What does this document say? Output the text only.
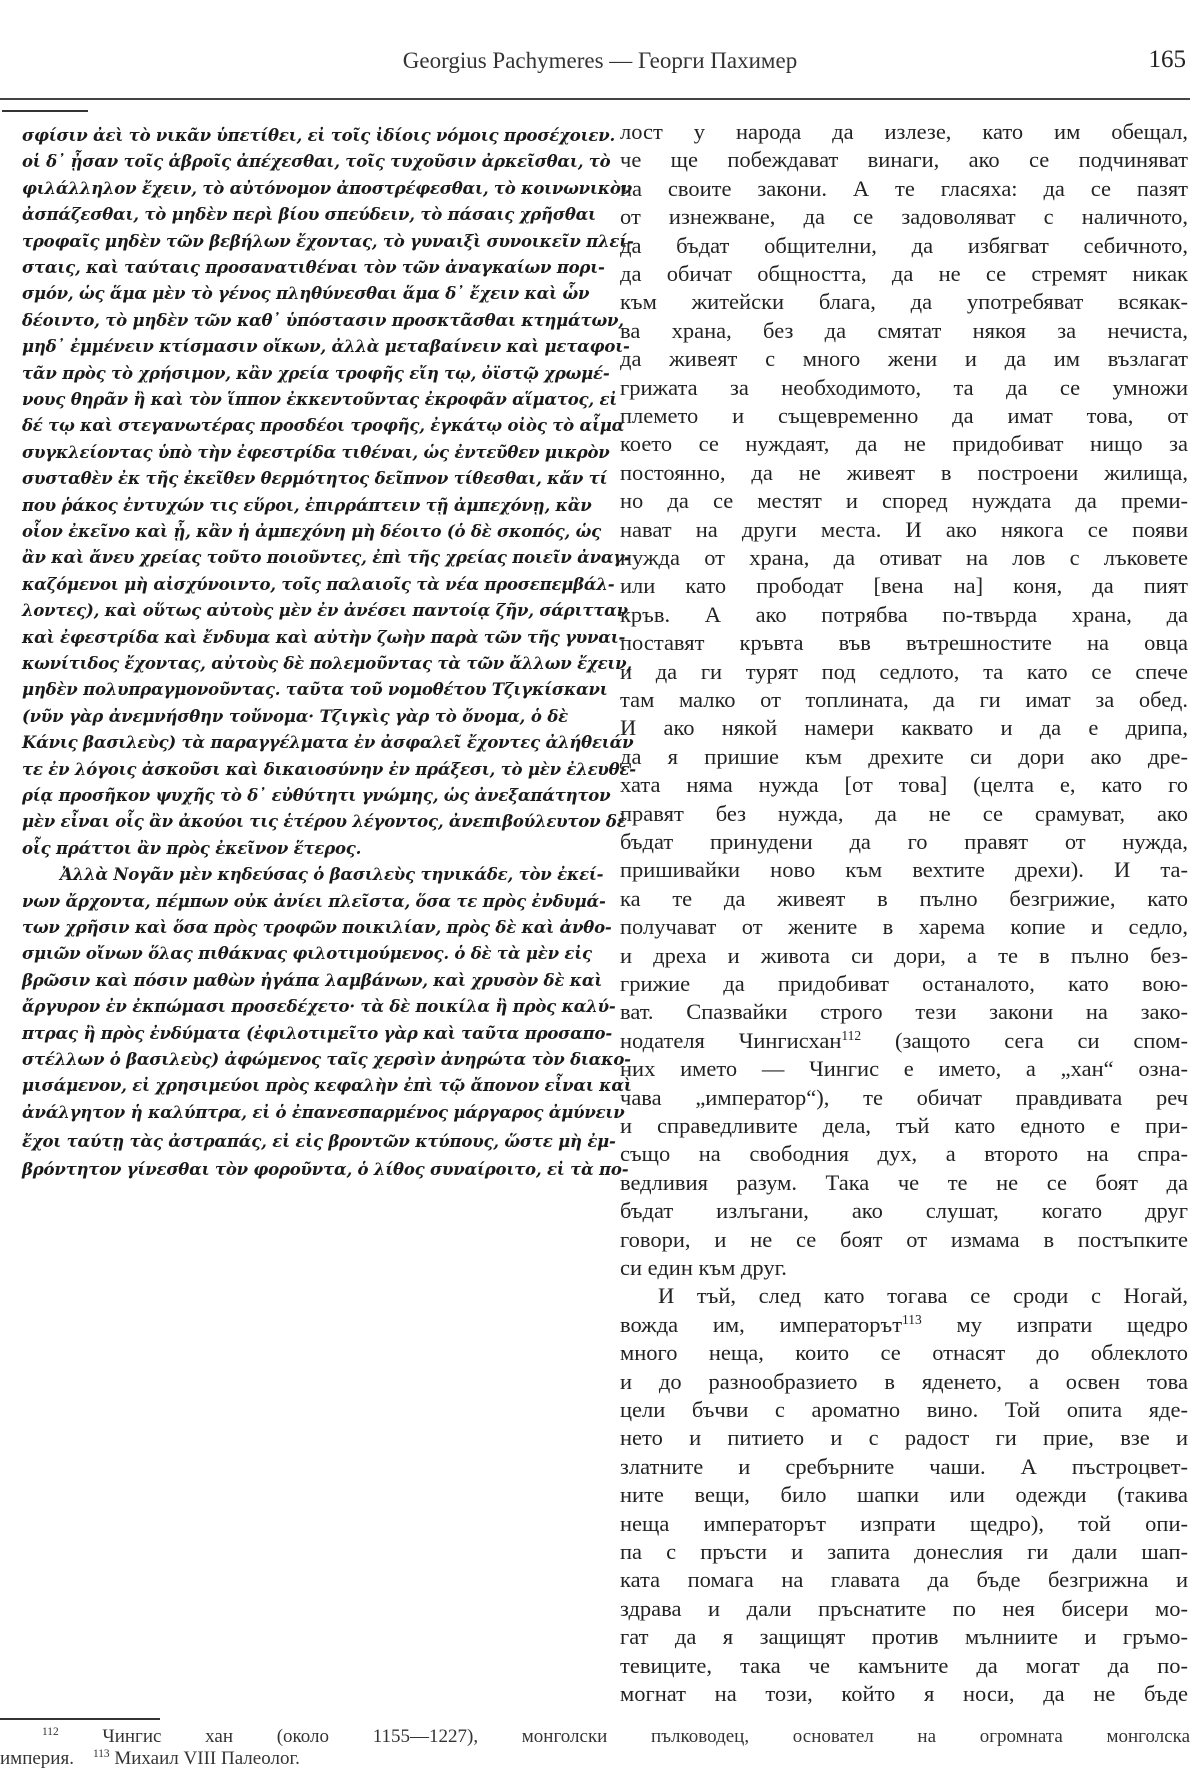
Georgius Pachymeres — Георги Пахимер	165
σφίσιν ἀεὶ τὸ νικᾶν ὑπετίθει, εἰ τοῖς ἰδίοις νόμοις προσέχοιεν.
οἱ δ᾽ ᾖσαν τοῖς ἁβροῖς ἀπέχεσθαι, τοῖς τυχοῦσιν ἀρκεῖσθαι, τὸ
φιλάλληλον ἔχειν, τὸ αὐτόνομον ἀποστρέφεσθαι, τὸ κοινωνικὸν
ἀσπάζεσθαι, τὸ μηδὲν περὶ βίου σπεύδειν, τὸ πάσαις χρῆσθαι
τροφαῖς μηδὲν τῶν βεβήλων ἔχοντας, τὸ γυναιξὶ συνοικεῖν πλεί-
σταις, καὶ ταύταις προσανατιθέναι τὸν τῶν ἀναγκαίων πορι-
σμόν, ὡς ἅμα μὲν τὸ γένος πληθύνεσθαι ἅμα δ᾽ ἔχειν καὶ ὧν
δέοιντο, τὸ μηδὲν τῶν καθ᾽ ὑπόστασιν προσκτᾶσθαι κτημάτων,
μηδ᾽ ἐμμένειν κτίσμασιν οἴκων, ἀλλὰ μεταβαίνειν καὶ μεταφοι-
τᾶν πρὸς τὸ χρήσιμον, κἂν χρεία τροφῆς εἴη τῳ, ὀϊστῷ χρωμέ-
νους θηρᾶν ἢ καὶ τὸν ἵππον ἐκκεντοῦντας ἐκροφᾶν αἵματος, εἰ
δέ τῳ καὶ στεγανωτέρας προσδέοι τροφῆς, ἐγκάτῳ οἰὸς τὸ αἷμα
συγκλείοντας ὑπὸ τὴν ἐφεστρίδα τιθέναι, ὡς ἐντεῦθεν μικρὸν
συσταθὲν ἐκ τῆς ἐκεῖθεν θερμότητος δεῖπνον τίθεσθαι, κἄν τί
που ῥάκος ἐντυχών τις εὕροι, ἐπιρράπτειν τῇ ἀμπεχόνῃ, κἂν
οἷον ἐκεῖνο καὶ ᾖ, κἂν ἡ ἀμπεχόνη μὴ δέοιτο (ὁ δὲ σκοπός, ὡς
ἂν καὶ ἄνευ χρείας τοῦτο ποιοῦντες, ἐπὶ τῆς χρείας ποιεῖν ἀναγ-
καζόμενοι μὴ αἰσχύνοιντο, τοῖς παλαιοῖς τὰ νέα προσεπεμβάλ-
λοντες), καὶ οὕτως αὐτοὺς μὲν ἐν ἀνέσει παντοίᾳ ζῆν, σάριτταν
καὶ ἐφεστρίδα καὶ ἔνδυμα καὶ αὐτὴν ζωὴν παρὰ τῶν τῆς γυναι-
κωνίτιδος ἔχοντας, αὐτοὺς δὲ πολεμοῦντας τὰ τῶν ἄλλων ἔχειν,
μηδὲν πολυπραγμονοῦντας. ταῦτα τοῦ νομοθέτου Τζιγκίσκανι
(νῦν γὰρ ἀνεμνήσθην τοὔνομα· Τζιγκὶς γὰρ τὸ ὄνομα, ὁ δὲ
Κάνις βασιλεὺς) τὰ παραγγέλματα ἐν ἀσφαλεῖ ἔχοντες ἀλήθειάν
τε ἐν λόγοις ἀσκοῦσι καὶ δικαιοσύνην ἐν πράξεσι, τὸ μὲν ἐλευθε-
ρίᾳ προσῆκον ψυχῆς τὸ δ᾽ εὐθύτητι γνώμης, ὡς ἀνεξαπάτητον
μὲν εἶναι οἷς ἂν ἀκούοι τις ἑτέρου λέγοντος, ἀνεπιβούλευτον δὲ
οἷς πράττοι ἂν πρὸς ἐκεῖνον ἕτερος.
Ἀλλὰ Νογᾶν μὲν κηδεύσας ὁ βασιλεὺς τηνικάδε, τὸν ἐκεί-
νων ἄρχοντα, πέμπων οὐκ ἀνίει πλεῖστα, ὅσα τε πρὸς ἐνδυμά-
των χρῆσιν καὶ ὅσα πρὸς τροφῶν ποικιλίαν, πρὸς δὲ καὶ ἀνθο-
σμιῶν οἴνων ὅλας πιθάκνας φιλοτιμούμενος. ὁ δὲ τὰ μὲν εἰς
βρῶσιν καὶ πόσιν μαθὼν ἠγάπα λαμβάνων, καὶ χρυσὸν δὲ καὶ
ἄργυρον ἐν ἐκπώμασι προσεδέχετο· τὰ δὲ ποικίλα ἢ πρὸς καλύ-
πτρας ἢ πρὸς ἐνδύματα (ἐφιλοτιμεῖτο γὰρ καὶ ταῦτα προσαπο-
στέλλων ὁ βασιλεὺς) ἀφώμενος ταῖς χερσὶν ἀνηρώτα τὸν διακο-
μισάμενον, εἰ χρησιμεύοι πρὸς κεφαλὴν ἐπὶ τῷ ἄπονον εἶναι καὶ
ἀνάλγητον ἡ καλύπτρα, εἰ ὁ ἐπανεσπαρμένος μάργαρος ἀμύνειν
ἔχοι ταύτῃ τὰς ἀστραπάς, εἰ εἰς βροντῶν κτύπους, ὥστε μὴ ἐμ-
βρόντητον γίνεσθαι τὸν φοροῦντα, ὁ λίθος συναίροιτο, εἰ τὰ πο-
лост у народа да излезе, като им обещал,
че ще побеждават винаги, ако се подчиняват
на своите закони. А те гласяха: да се пазят
от изнежване, да се задоволяват с наличното,
да бъдат общителни, да избягват себичното,
да обичат общността, да не се стремят никак
към житейски блага, да употребяват всякак-
ва храна, без да смятат някоя за нечиста,
да живеят с много жени и да им възлагат
грижата за необходимото, та да се умножи
племето и същевременно да имат това, от
което се нуждаят, да не придобиват нищо за
постоянно, да не живеят в построени жилища,
но да се местят и според нуждата да преми-
нават на други места. И ако някога се появи
нужда от храна, да отиват на лов с лъковете
или като прободат [вена на] коня, да пият
кръв. А ако потрябва по-твърда храна, да
поставят кръвта във вътрешностите на овца
и да ги турят под седлото, та като се спече
там малко от топлината, да ги имат за обед.
И ако някой намери каквато и да е дрипа,
да я пришие към дрехите си дори ако дре-
хата няма нужда [от това] (целта е, като го
правят без нужда, да не се срамуват, ако
бъдат принудени да го правят от нужда,
пришивайки ново към вехтите дрехи). И та-
ка те да живеят в пълно безгрижие, като
получават от жените в харема копие и седло,
и дреха и живота си дори, а те в пълно без-
грижие да придобиват останалото, като вою-
ват. Спазвайки строго тези закони на зако-
нодателя Чингисхан$^{112}$ (защото сега си спом-
них името — Чингис е името, а „хан“ озна-
чава „император“), те обичат правдивата реч
и справедливите дела, тъй като едното е при-
също на свободния дух, а второто на спра-
ведливия разум. Така че те не се боят да
бъдат излъгани, ако слушат, когато друг
говори, и не се боят от измама в постъпките
си един към друг.
И тъй, след като тогава се сроди с Ногай,
вожда им, императорът$^{113}$ му изпрати щедро
много неща, които се отнасят до облеклото
и до разнообразието в яденето, а освен това
цели бъчви с ароматно вино. Той опита яде-
нето и питието и с радост ги прие, взе и
златните и сребърните чаши. А пъстроцвет-
ните вещи, било шапки или одежди (такива
неща императорът изпрати щедро), той опи-
па с пръсти и запита донеслия ги дали шап-
ката помага на главата да бъде безгрижна и
здрава и дали пръснатите по нея бисери мо-
гат да я защищят против мълниите и гръмо-
тевиците, така че камъните да могат да по-
могнат на този, който я носи, да не бъде
$^{112}$ Чингис хан (около 1155—1227), монголски пълководец, основател на огромната монголска
империя. $^{113}$ Михаил VIII Палеолог.
